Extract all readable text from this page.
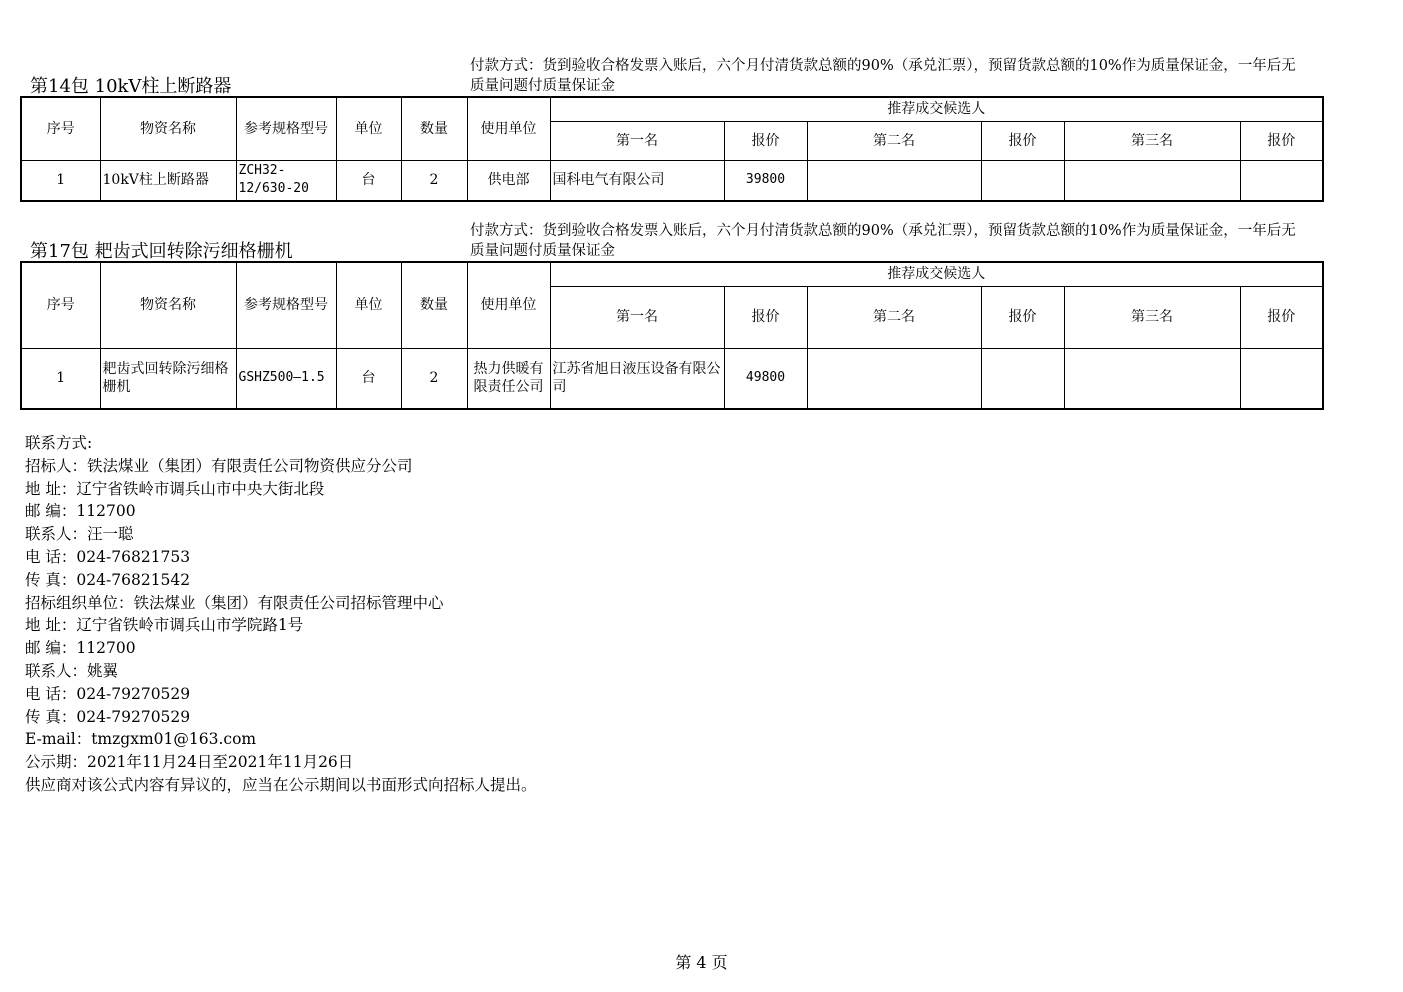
第14包 10kV柱上断路器
付款方式：货到验收合格发票入账后，六个月付清货款总额的90%（承兑汇票），预留货款总额的10%作为质量保证金，一年后无质量问题付质量保证金
序号	物资名称	参考规格型号	单位	数量	使用单位	推荐成交候选人					
						第一名	报价	第二名	报价	第三名	报价
1	10kV柱上断路器	ZCH32-12/630-20	台	2	供电部	国科电气有限公司	39800				
第17包 耙齿式回转除污细格栅机
付款方式：货到验收合格发票入账后，六个月付清货款总额的90%（承兑汇票），预留货款总额的10%作为质量保证金，一年后无质量问题付质量保证金
序号	物资名称	参考规格型号	单位	数量	使用单位	推荐成交候选人					
						第一名	报价	第二名	报价	第三名	报价
1	耙齿式回转除污细格栅机	GSHZ500—1.5	台	2	热力供暖有限责任公司	江苏省旭日液压设备有限公司	49800				
联系方式:
招标人：铁法煤业（集团）有限责任公司物资供应分公司
地 址：辽宁省铁岭市调兵山市中央大街北段
邮 编：112700
联系人：汪一聪
电 话：024-76821753
传 真：024-76821542
招标组织单位：铁法煤业（集团）有限责任公司招标管理中心
地 址：辽宁省铁岭市调兵山市学院路1号
邮 编：112700
联系人：姚翼
电 话：024-79270529
传 真：024-79270529
E-mail：tmzgxm01@163.com
公示期：2021年11月24日至2021年11月26日
供应商对该公式内容有异议的，应当在公示期间以书面形式向招标人提出。
第 4 页
